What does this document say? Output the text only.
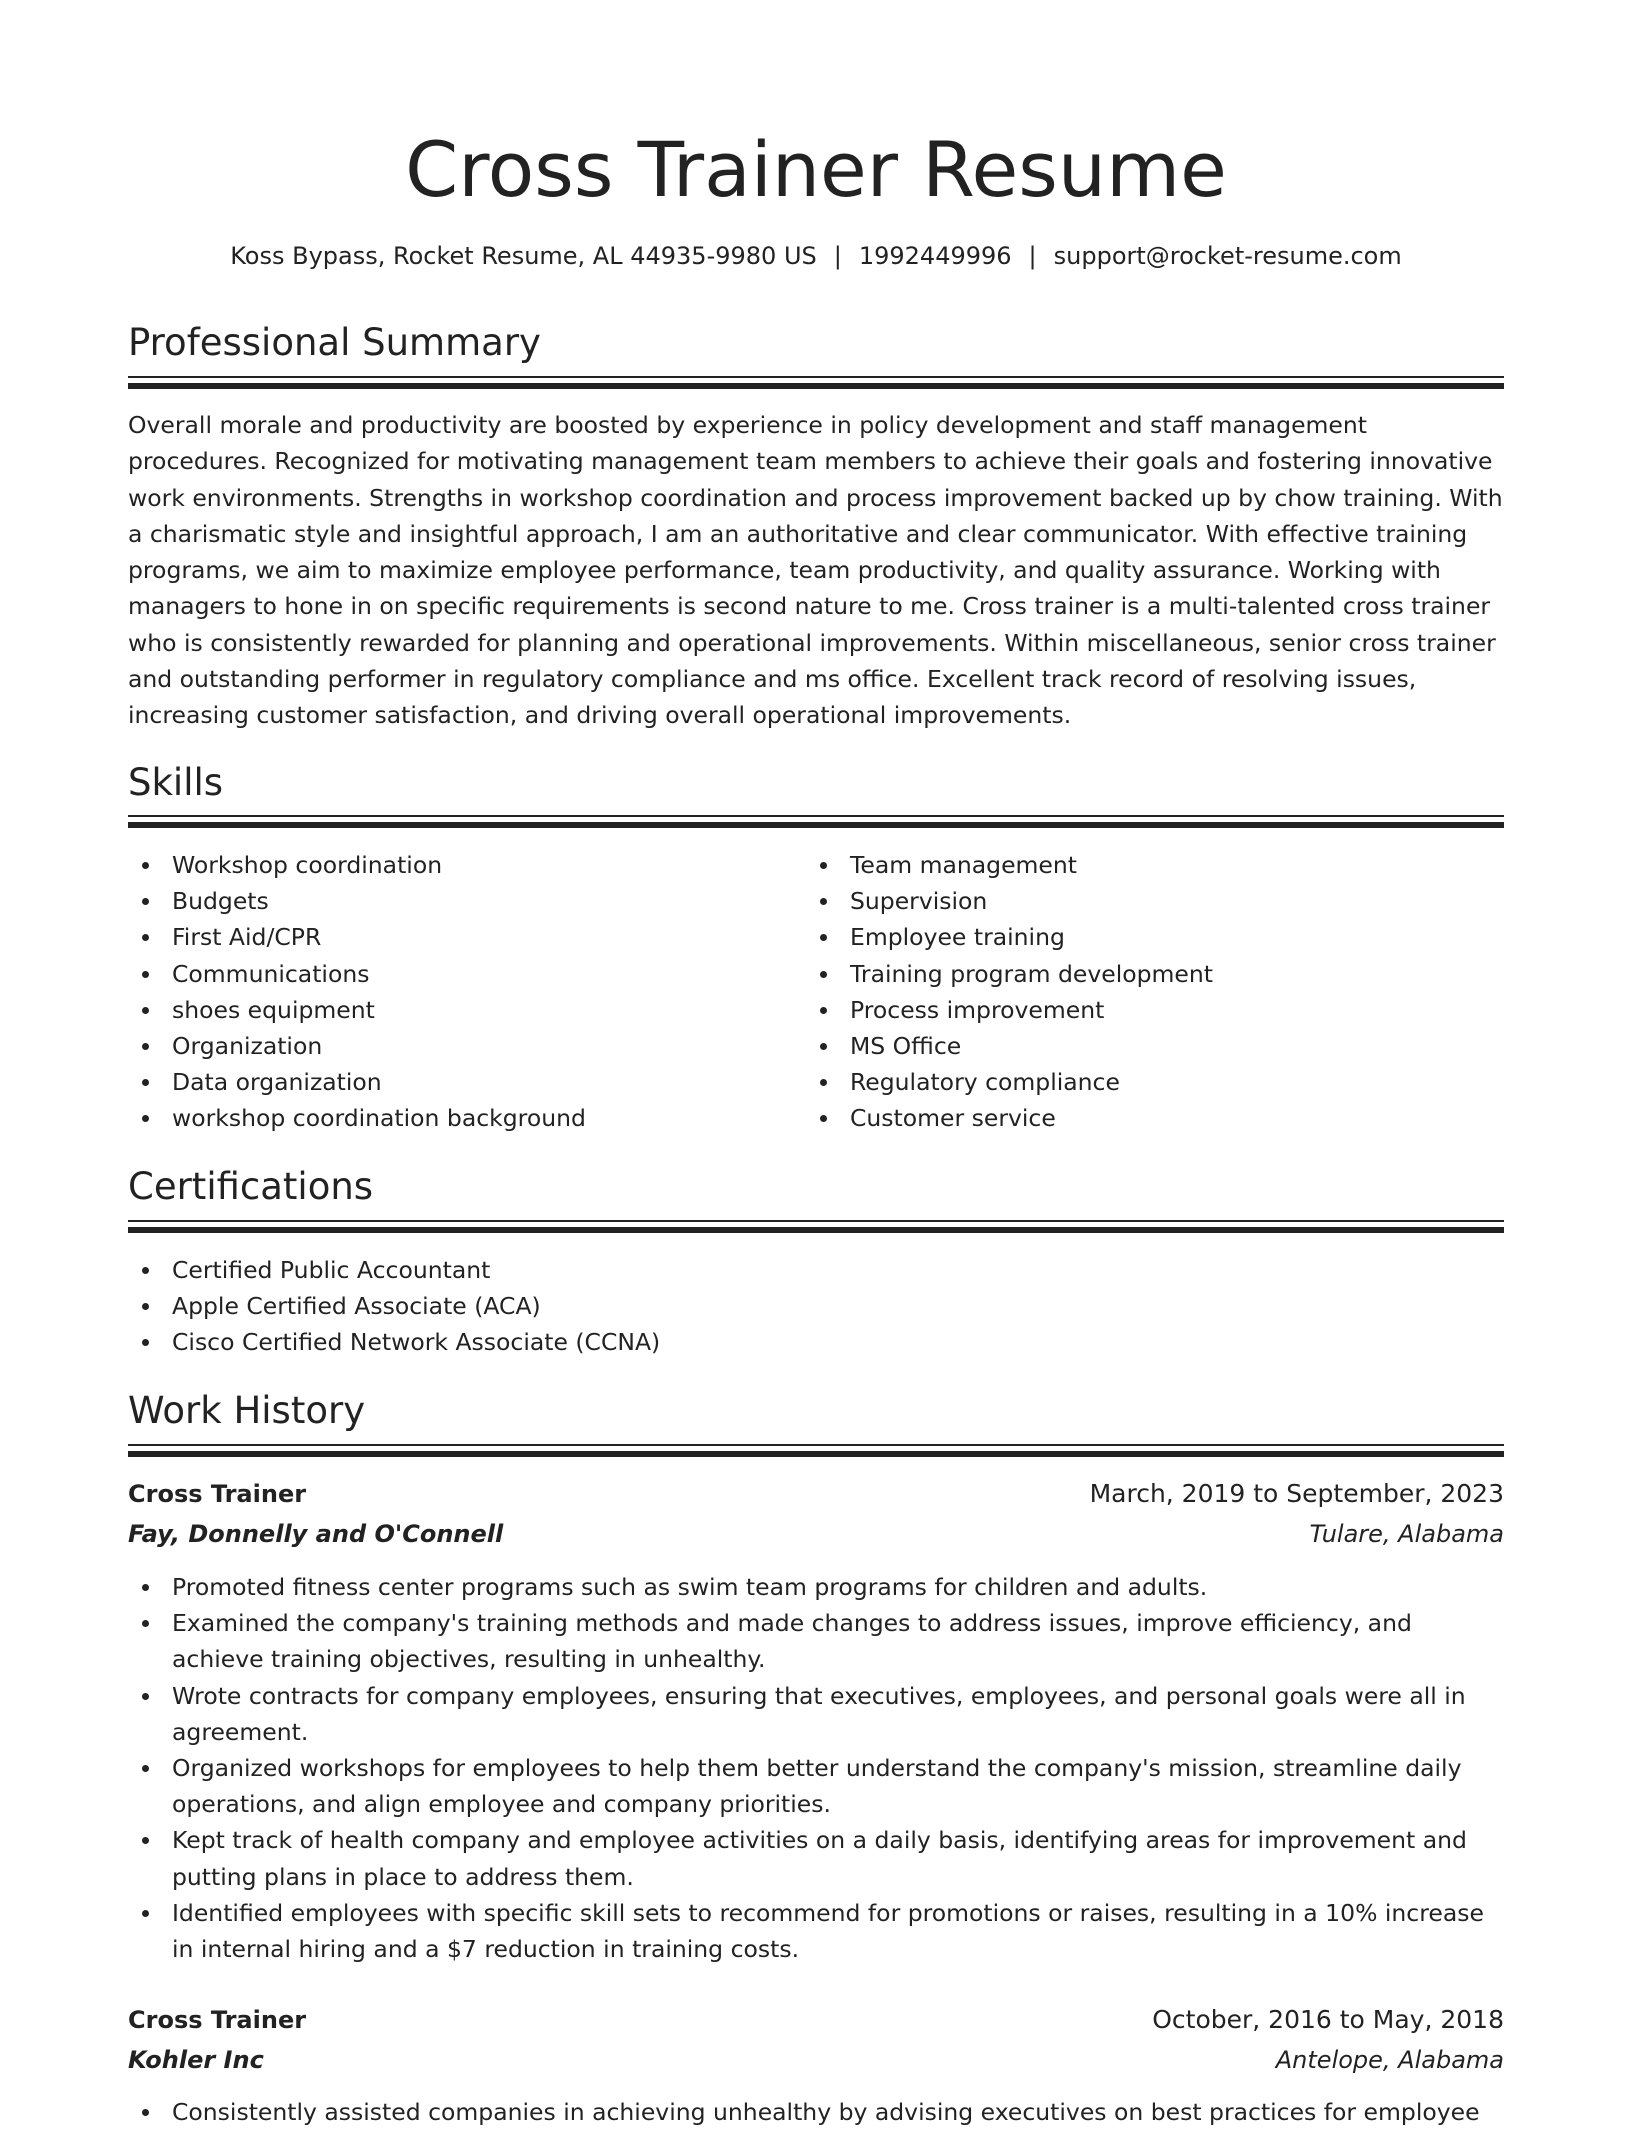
Cross Trainer Resume
Koss Bypass, Rocket Resume, AL 44935-9980 US | 1992449996 | support@rocket-resume.com
Professional Summary

Overall morale and productivity are boosted by experience in policy development and staff management procedures. Recognized for motivating management team members to achieve their goals and fostering innovative work environments. Strengths in workshop coordination and process improvement backed up by chow training. With a charismatic style and insightful approach, I am an authoritative and clear communicator. With effective training programs, we aim to maximize employee performance, team productivity, and quality assurance. Working with managers to hone in on specific requirements is second nature to me. Cross trainer is a multi-talented cross trainer who is consistently rewarded for planning and operational improvements. Within miscellaneous, senior cross trainer and outstanding performer in regulatory compliance and ms office. Excellent track record of resolving issues, increasing customer satisfaction, and driving overall operational improvements.

Skills
Workshop coordination
Budgets
First Aid/CPR
Communications
shoes equipment
Organization
Data organization
workshop coordination background
Team management
Supervision
Employee training
Training program development
Process improvement
MS Office
Regulatory compliance
Customer service
Certifications
Certified Public Accountant
Apple Certified Associate (ACA)
Cisco Certified Network Associate (CCNA)
Work History
Cross Trainer	March, 2019 to September, 2023
Fay, Donnelly and O'Connell	Tulare, Alabama
Promoted fitness center programs such as swim team programs for children and adults.
Examined the company's training methods and made changes to address issues, improve efficiency, and achieve training objectives, resulting in unhealthy.
Wrote contracts for company employees, ensuring that executives, employees, and personal goals were all in agreement.
Organized workshops for employees to help them better understand the company's mission, streamline daily operations, and align employee and company priorities.
Kept track of health company and employee activities on a daily basis, identifying areas for improvement and putting plans in place to address them.
Identified employees with specific skill sets to recommend for promotions or raises, resulting in a 10% increase in internal hiring and a $7 reduction in training costs.
Cross Trainer	October, 2016 to May, 2018
Kohler Inc	Antelope, Alabama
Consistently assisted companies in achieving unhealthy by advising executives on best practices for employee
